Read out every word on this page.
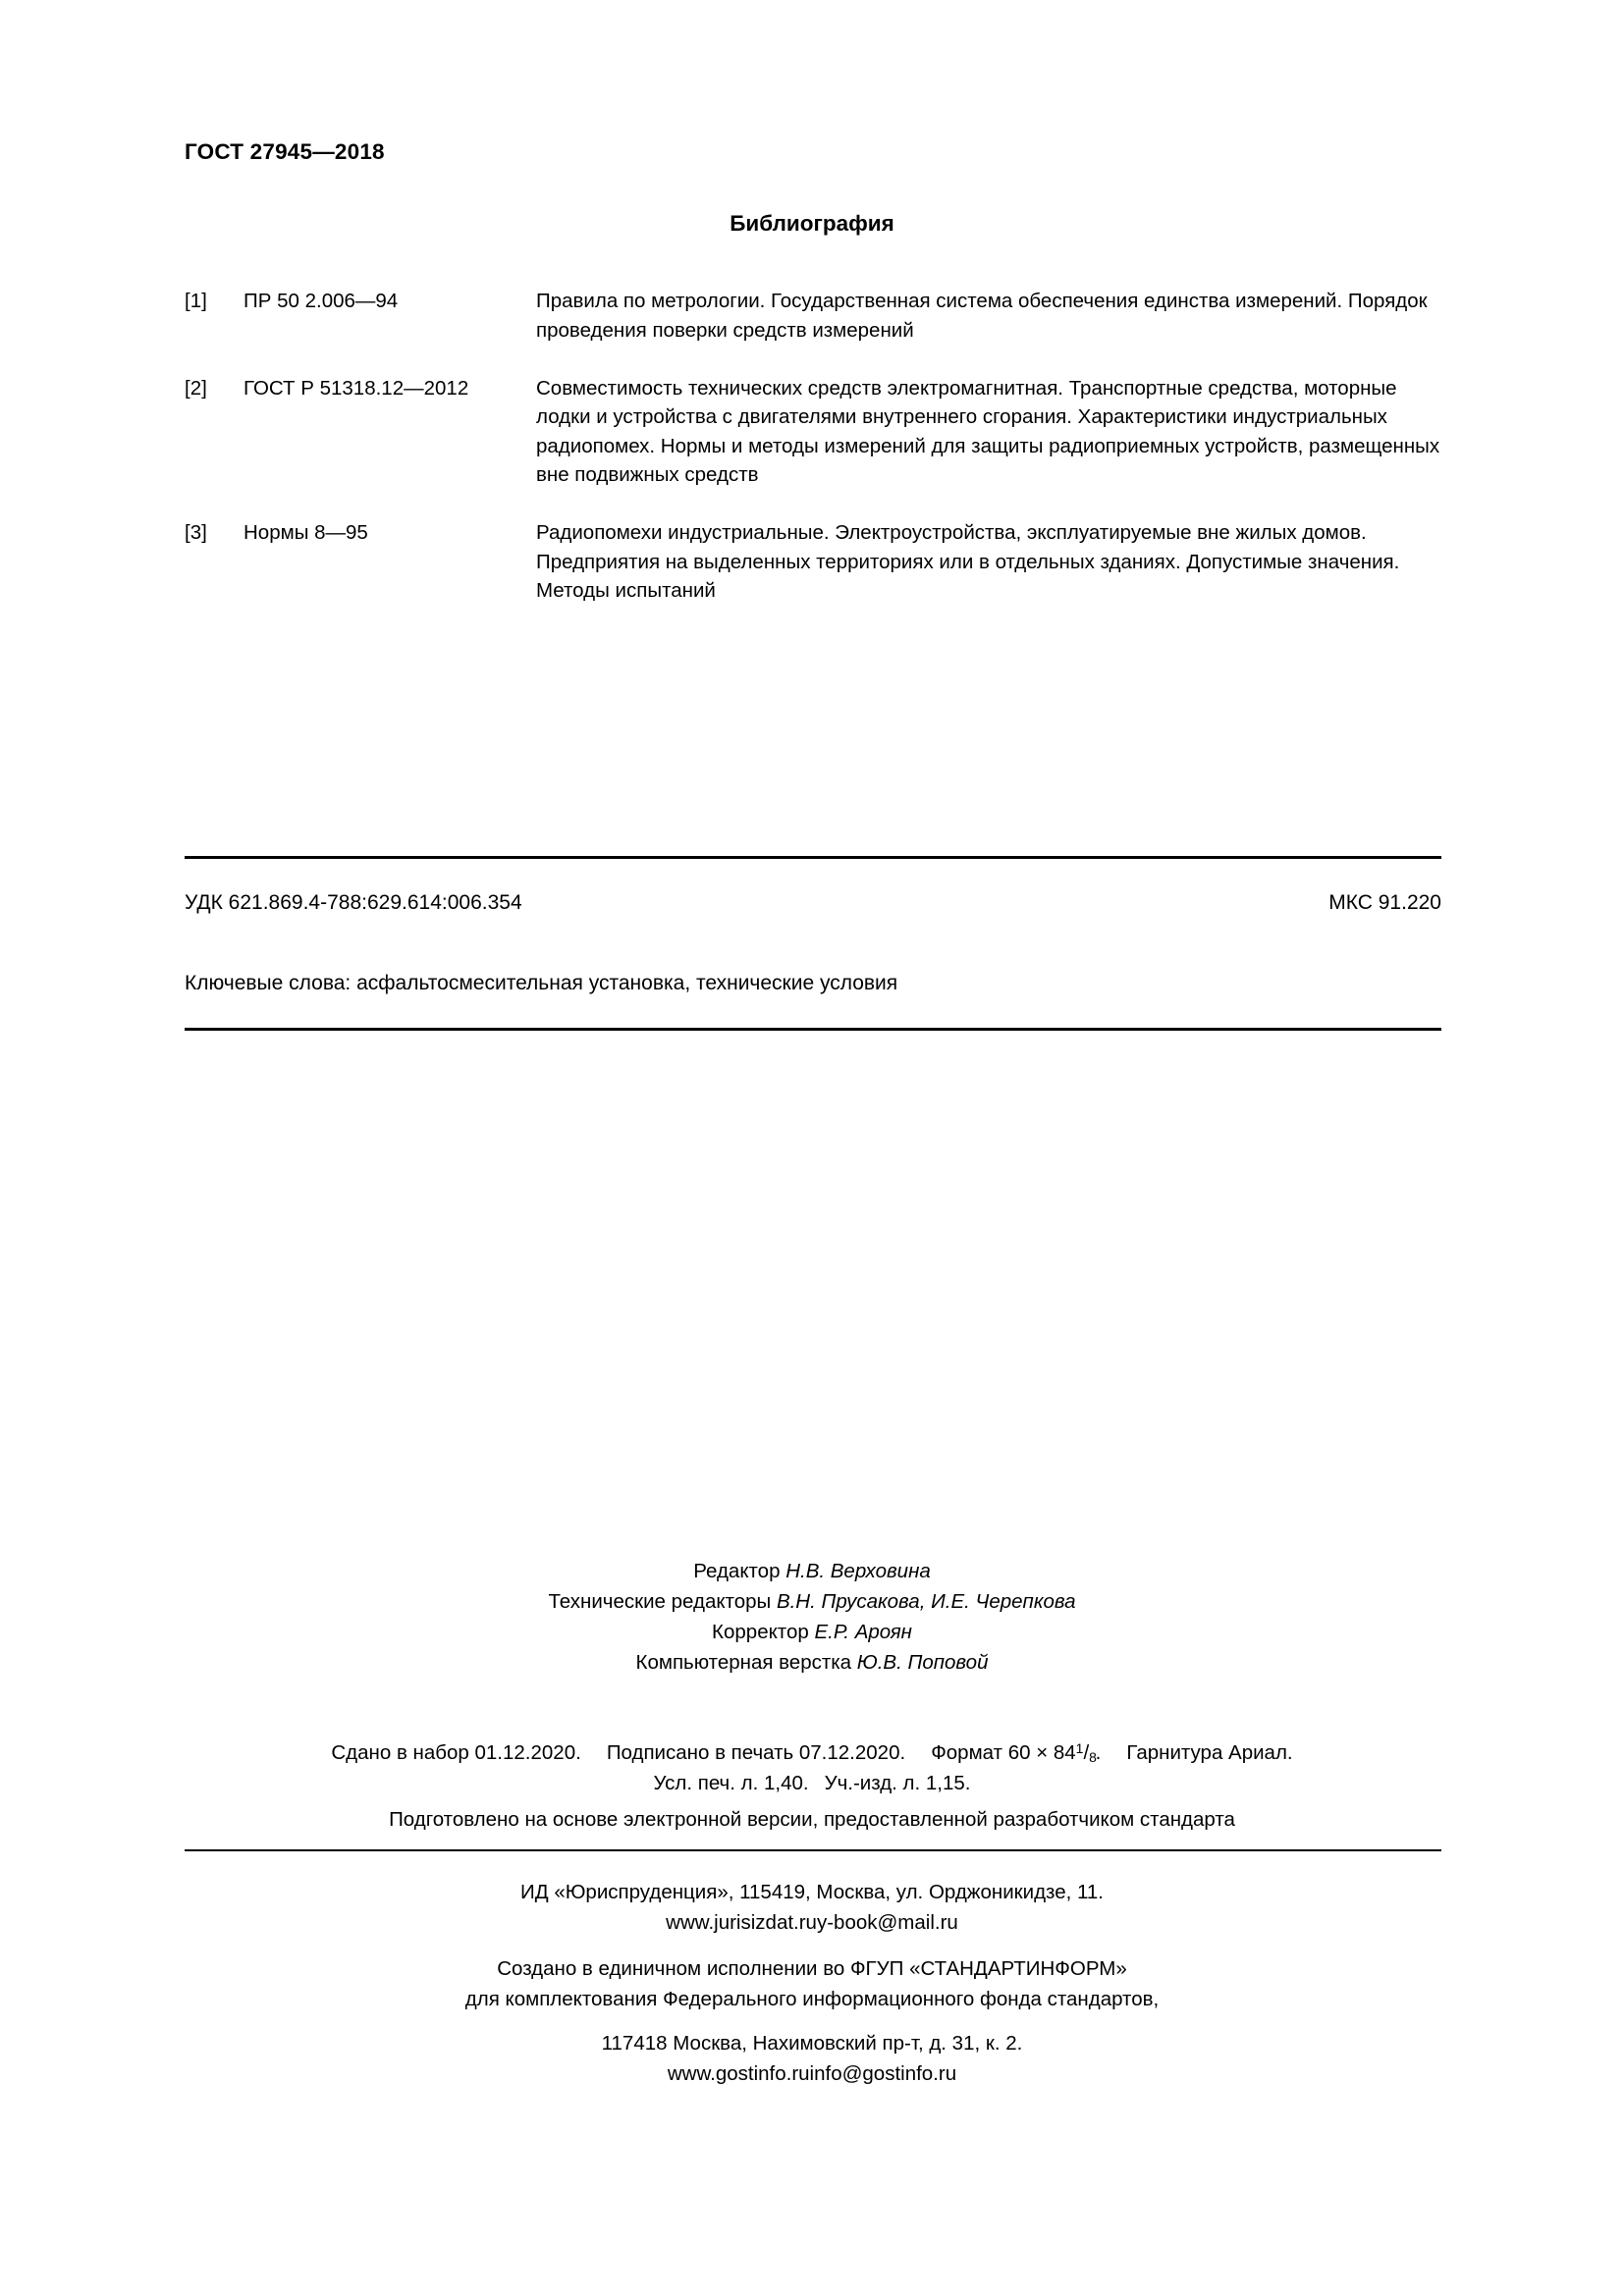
ГОСТ 27945—2018
Библиография
[1]	ПР 50 2.006—94	Правила по метрологии. Государственная система обеспечения единства измерений. Порядок проведения поверки средств измерений
[2]	ГОСТ Р 51318.12—2012	Совместимость технических средств электромагнитная. Транспортные средства, моторные лодки и устройства с двигателями внутреннего сгорания. Характеристики индустриальных радиопомех. Нормы и методы измерений для защиты радиоприемных устройств, размещенных вне подвижных средств
[3]	Нормы 8—95	Радиопомехи индустриальные. Электроустройства, эксплуатируемые вне жилых домов. Предприятия на выделенных территориях или в отдельных зданиях. Допустимые значения. Методы испытаний
УДК 621.869.4-788:629.614:006.354	МКС 91.220
Ключевые слова: асфальтосмесительная установка, технические условия
Редактор Н.В. Верховина
Технические редакторы В.Н. Прусакова, И.Е. Черепкова
Корректор Е.Р. Ароян
Компьютерная верстка Ю.В. Поповой
Сдано в набор 01.12.2020. Подписано в печать 07.12.2020. Формат $60 \times 84^1/_8$. Гарнитура Ариал.
Усл. печ. л. 1,40. Уч.-изд. л. 1,15.
Подготовлено на основе электронной версии, предоставленной разработчиком стандарта
ИД «Юриспруденция», 115419, Москва, ул. Орджоникидзе, 11.
www.jurisizdat.ruy-book@mail.ru
Создано в единичном исполнении во ФГУП «СТАНДАРТИНФОРМ»
для комплектования Федерального информационного фонда стандартов,
117418 Москва, Нахимовский пр-т, д. 31, к. 2.
www.gostinfo.ruinfo@gostinfo.ru
